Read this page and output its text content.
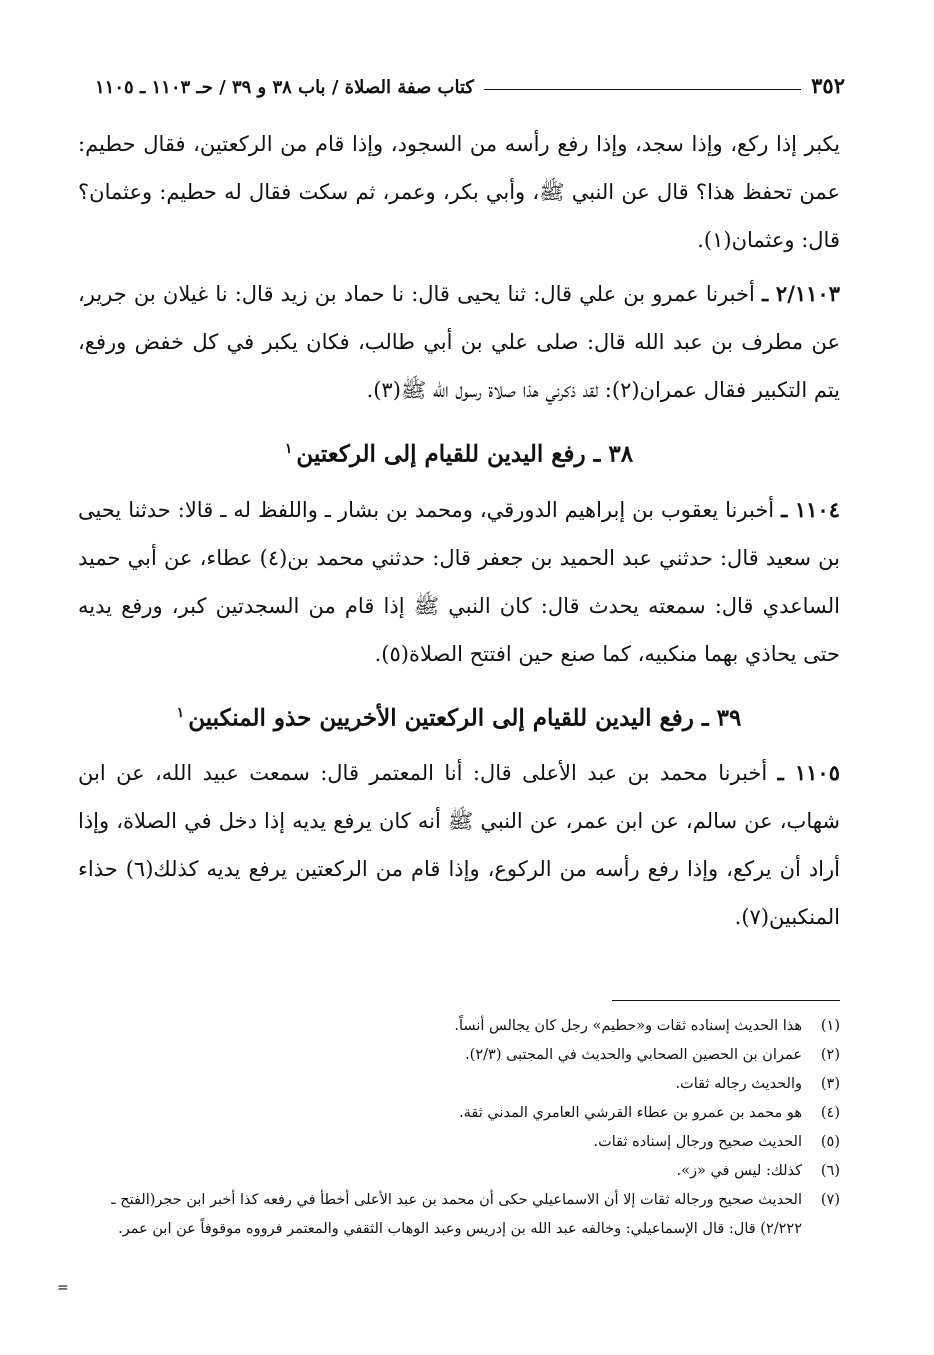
٣٥٢
كتاب صفة الصلاة / باب ٣٨ و ٣٩ / حـ ١١٠٣ ـ ١١٠٥

يكبر إذا ركع، وإذا سجد، وإذا رفع رأسه من السجود، وإذا قام من الركعتين، فقال حطيم: عمن تحفظ هذا؟ قال عن النبي ﷺ، وأبي بكر، وعمر، ثم سكت فقال له حطيم: وعثمان؟ قال: وعثمان(١).

٢/١١٠٣ ـ أخبرنا عمرو بن علي قال: ثنا يحيى قال: نا حماد بن زيد قال: نا غيلان بن جرير، عن مطرف بن عبد الله قال: صلى علي بن أبي طالب، فكان يكبر في كل خفض ورفع، يتم التكبير فقال عمران(٢): لقد ذكرني هذا صلاة رسول الله ﷺ(٣).

٣٨ ـ رفع اليدين للقيام إلى الركعتين$^١$

١١٠٤ ـ أخبرنا يعقوب بن إبراهيم الدورقي، ومحمد بن بشار ـ واللفظ له ـ قالا: حدثنا يحيى بن سعيد قال: حدثني عبد الحميد بن جعفر قال: حدثني محمد بن(٤) عطاء، عن أبي حميد الساعدي قال: سمعته يحدث قال: كان النبي ﷺ إذا قام من السجدتين كبر، ورفع يديه حتى يحاذي بهما منكبيه، كما صنع حين افتتح الصلاة(٥).

٣٩ ـ رفع اليدين للقيام إلى الركعتين الأخريين حذو المنكبين$^١$

١١٠٥ ـ أخبرنا محمد بن عبد الأعلى قال: أنا المعتمر قال: سمعت عبيد الله، عن ابن شهاب، عن سالم، عن ابن عمر، عن النبي ﷺ أنه كان يرفع يديه إذا دخل في الصلاة، وإذا أراد أن يركع، وإذا رفع رأسه من الركوع، وإذا قام من الركعتين يرفع يديه كذلك(٦) حذاء المنكبين(٧).

(١)
هذا الحديث إسناده ثقات و«حطيم» رجل كان يجالس أنساً.
(٢)
عمران بن الحصين الصحابي والحديث في المجتبى (٢/٣).
(٣)
والحديث رجاله ثقات.
(٤)
هو محمد بن عمرو بن عطاء القرشي العامري المدني ثقة.
(٥)
الحديث صحيح ورجال إسناده ثقات.
(٦)
كذلك: ليس في «ز».
(٧)
الحديث صحيح ورجاله ثقات إلا أن الاسماعيلي حكى أن محمد بن عبد الأعلى أخطأ في رفعه كذا أخبر ابن حجر(الفتح ـ ٢/٢٢٢) قال: قال الإسماعيلي: وخالفه عبد الله بن إدريس وعبد الوهاب الثقفي والمعتمر فرووه موقوفاً عن ابن عمر.
=
